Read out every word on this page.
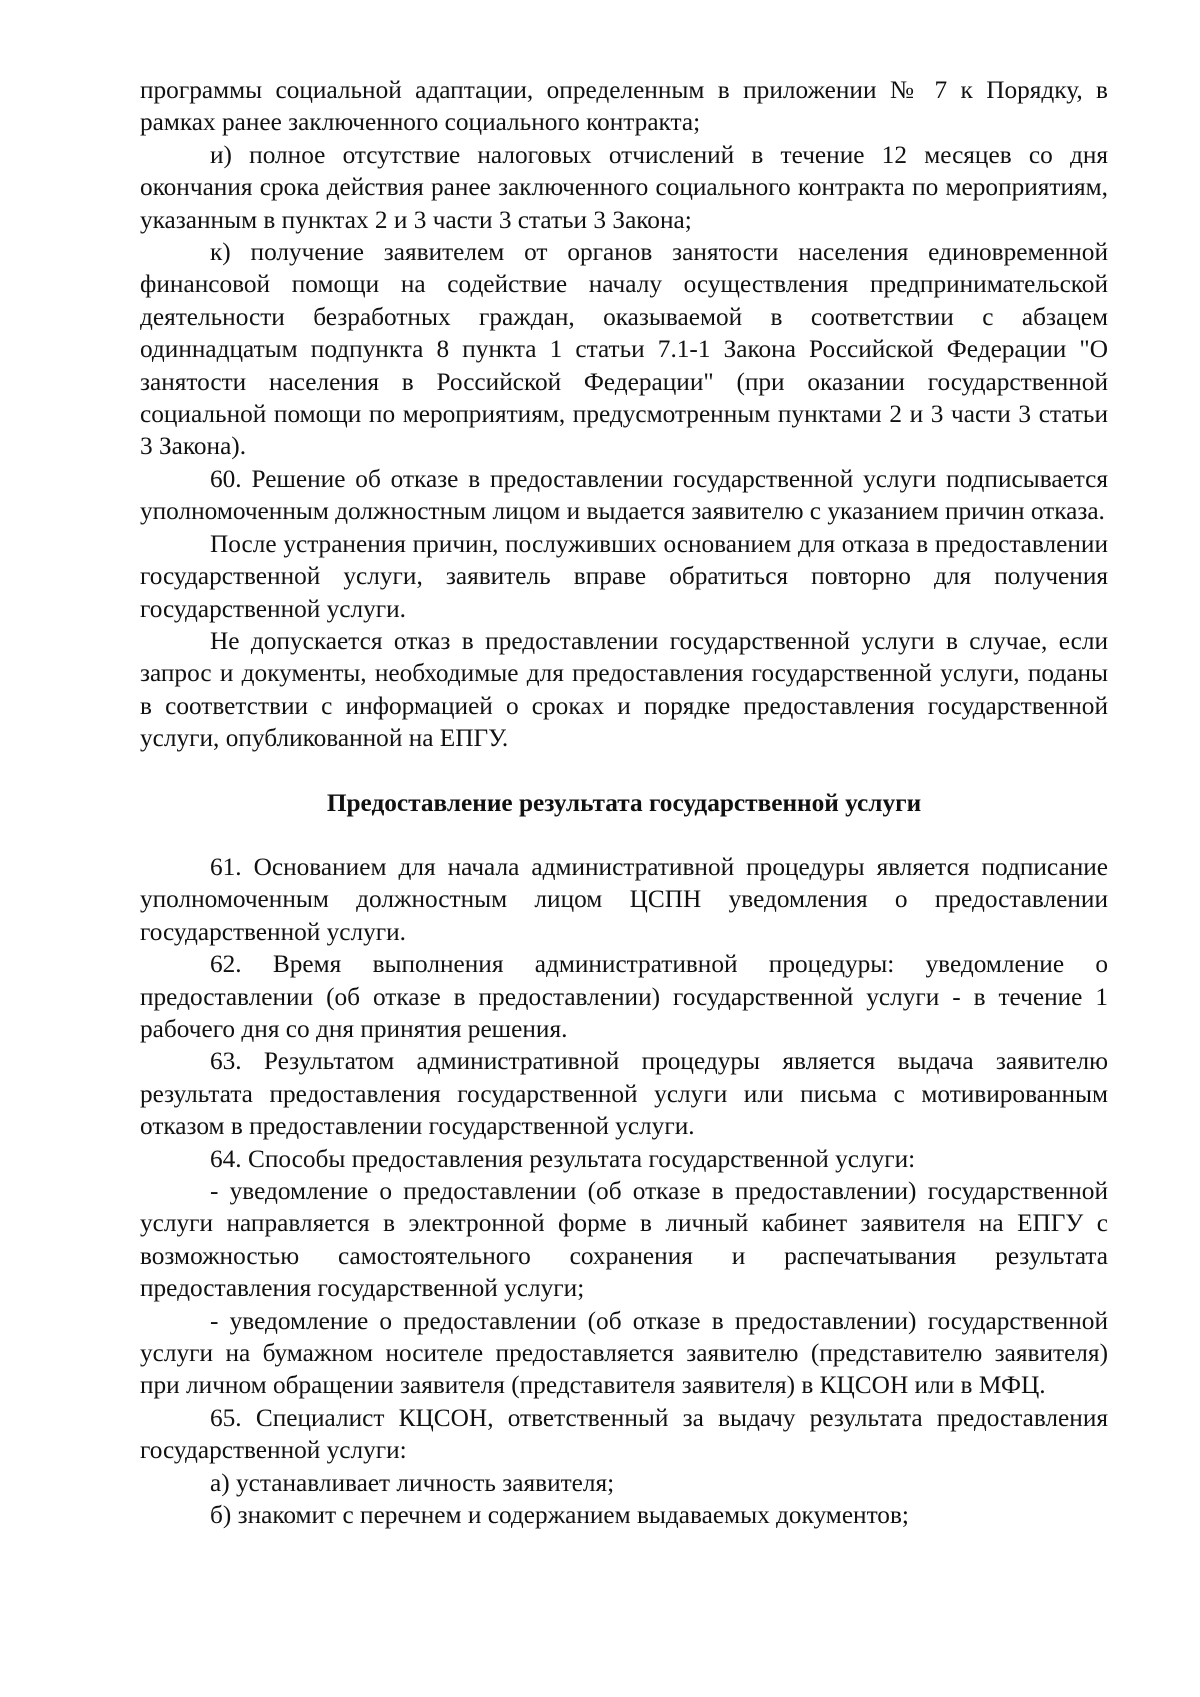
программы социальной адаптации, определенным в приложении № 7 к Порядку, в рамках ранее заключенного социального контракта;

и) полное отсутствие налоговых отчислений в течение 12 месяцев со дня окончания срока действия ранее заключенного социального контракта по мероприятиям, указанным в пунктах 2 и 3 части 3 статьи 3 Закона;

к) получение заявителем от органов занятости населения единовременной финансовой помощи на содействие началу осуществления предпринимательской деятельности безработных граждан, оказываемой в соответствии с абзацем одиннадцатым подпункта 8 пункта 1 статьи 7.1-1 Закона Российской Федерации "О занятости населения в Российской Федерации" (при оказании государственной социальной помощи по мероприятиям, предусмотренным пунктами 2 и 3 части 3 статьи 3 Закона).

60. Решение об отказе в предоставлении государственной услуги подписывается уполномоченным должностным лицом и выдается заявителю с указанием причин отказа.

После устранения причин, послуживших основанием для отказа в предоставлении государственной услуги, заявитель вправе обратиться повторно для получения государственной услуги.

Не допускается отказ в предоставлении государственной услуги в случае, если запрос и документы, необходимые для предоставления государственной услуги, поданы в соответствии с информацией о сроках и порядке предоставления государственной услуги, опубликованной на ЕПГУ.

Предоставление результата государственной услуги

61. Основанием для начала административной процедуры является подписание уполномоченным должностным лицом ЦСПН уведомления о предоставлении государственной услуги.

62. Время выполнения административной процедуры: уведомление о предоставлении (об отказе в предоставлении) государственной услуги - в течение 1 рабочего дня со дня принятия решения.

63. Результатом административной процедуры является выдача заявителю результата предоставления государственной услуги или письма с мотивированным отказом в предоставлении государственной услуги.

64. Способы предоставления результата государственной услуги:

- уведомление о предоставлении (об отказе в предоставлении) государственной услуги направляется в электронной форме в личный кабинет заявителя на ЕПГУ с возможностью самостоятельного сохранения и распечатывания результата предоставления государственной услуги;

- уведомление о предоставлении (об отказе в предоставлении) государственной услуги на бумажном носителе предоставляется заявителю (представителю заявителя) при личном обращении заявителя (представителя заявителя) в КЦСОН или в МФЦ.

65. Специалист КЦСОН, ответственный за выдачу результата предоставления государственной услуги:

а) устанавливает личность заявителя;

б) знакомит с перечнем и содержанием выдаваемых документов;
